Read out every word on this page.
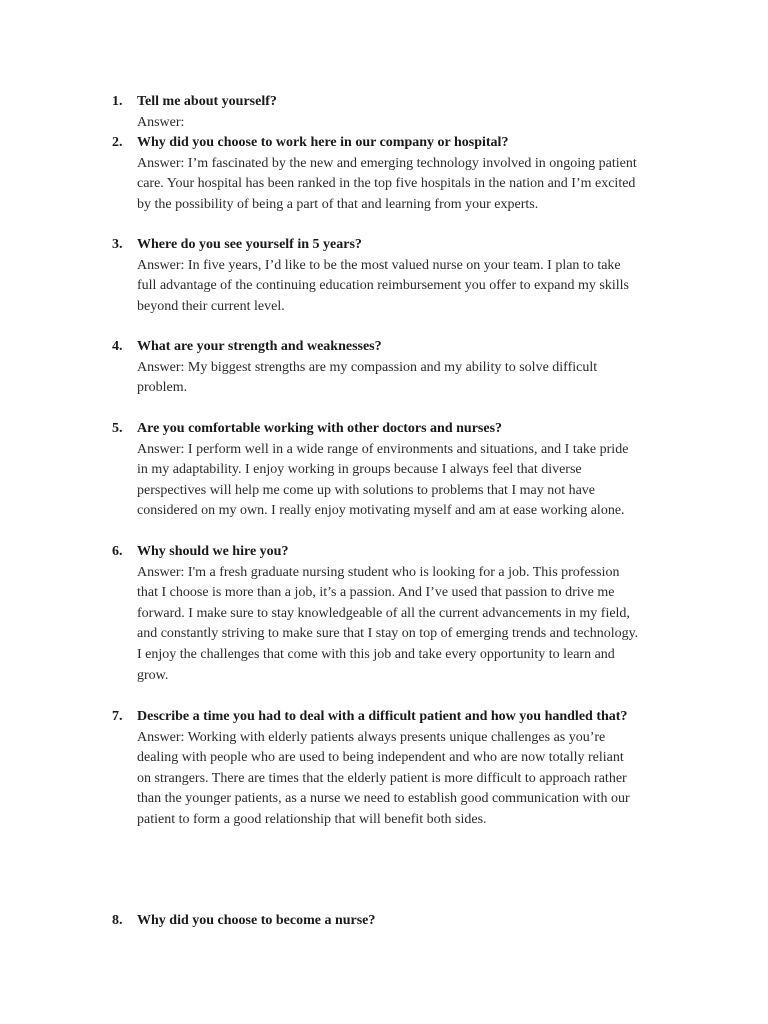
1. Tell me about yourself?
Answer:
2. Why did you choose to work here in our company or hospital?
Answer: I’m fascinated by the new and emerging technology involved in ongoing patient
care. Your hospital has been ranked in the top five hospitals in the nation and I’m excited
by the possibility of being a part of that and learning from your experts.
3. Where do you see yourself in 5 years?
Answer: In five years, I’d like to be the most valued nurse on your team. I plan to take
full advantage of the continuing education reimbursement you offer to expand my skills
beyond their current level.
4. What are your strength and weaknesses?
Answer: My biggest strengths are my compassion and my ability to solve difficult
problem.
5. Are you comfortable working with other doctors and nurses?
Answer: I perform well in a wide range of environments and situations, and I take pride
in my adaptability. I enjoy working in groups because I always feel that diverse
perspectives will help me come up with solutions to problems that I may not have
considered on my own. I really enjoy motivating myself and am at ease working alone.
6. Why should we hire you?
Answer: I'm a fresh graduate nursing student who is looking for a job. This profession
that I choose is more than a job, it’s a passion. And I’ve used that passion to drive me
forward. I make sure to stay knowledgeable of all the current advancements in my field,
and constantly striving to make sure that I stay on top of emerging trends and technology.
I enjoy the challenges that come with this job and take every opportunity to learn and
grow.
7. Describe a time you had to deal with a difficult patient and how you handled that?
Answer: Working with elderly patients always presents unique challenges as you’re
dealing with people who are used to being independent and who are now totally reliant
on strangers. There are times that the elderly patient is more difficult to approach rather
than the younger patients, as a nurse we need to establish good communication with our
patient to form a good relationship that will benefit both sides.
8. Why did you choose to become a nurse?
